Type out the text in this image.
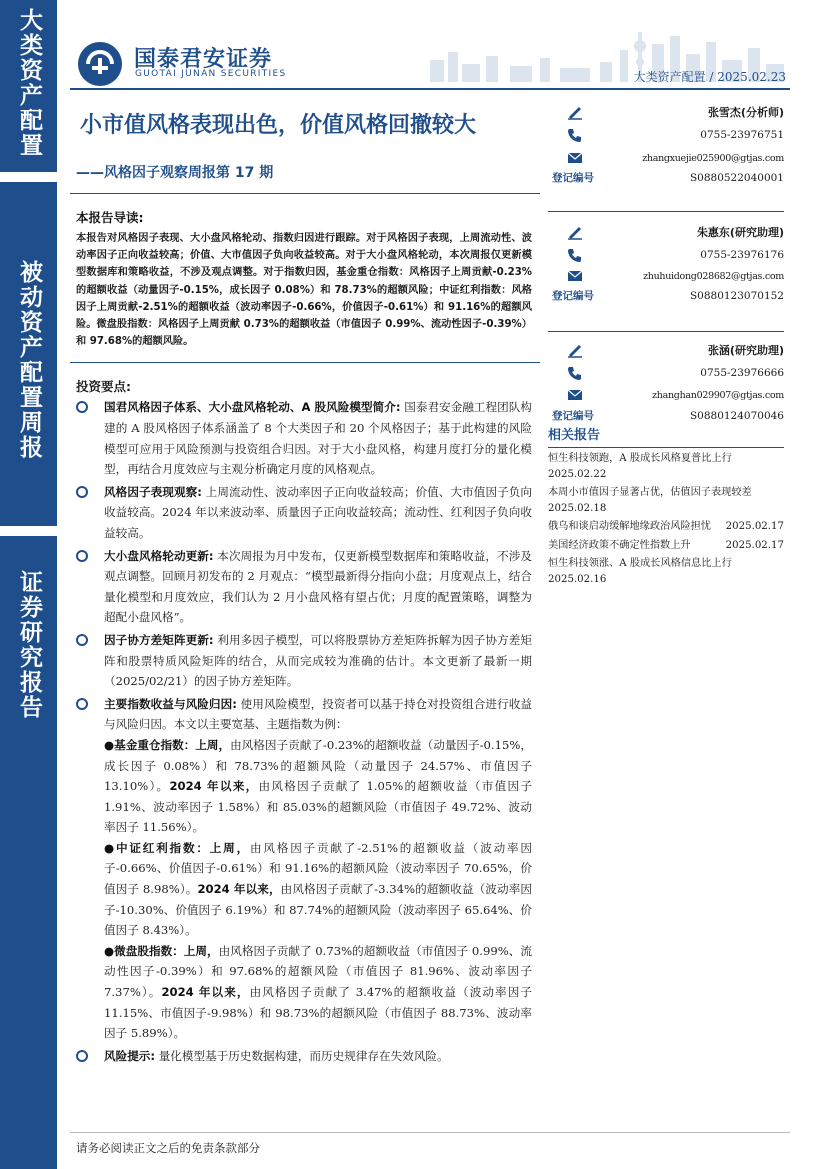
大类资产配置
被动资产配置周报
证券研究报告
国泰君安证券
GUOTAI JUNAN SECURITIES	大类资产配置 / 2025.02.23
小市值风格表现出色，价值风格回撤较大
——风格因子观察周报第 17 期
本报告导读:
本报告对风格因子表现、大小盘风格轮动、指数归因进行跟踪。对于风格因子表现，上周流动性、波动率因子正向收益较高；价值、大市值因子负向收益较高。对于大小盘风格轮动，本次周报仅更新模型数据库和策略收益，不涉及观点调整。对于指数归因，基金重仓指数：风格因子上周贡献-0.23%的超额收益（动量因子-0.15%，成长因子 0.08%）和 78.73%的超额风险；中证红利指数：风格因子上周贡献-2.51%的超额收益（波动率因子-0.66%，价值因子-0.61%）和 91.16%的超额风险。微盘股指数：风格因子上周贡献 0.73%的超额收益（市值因子 0.99%、流动性因子-0.39%）和 97.68%的超额风险。
投资要点:
国君风格因子体系、大小盘风格轮动、A 股风险模型简介: 国泰君安金融工程团队构建的 A 股风格因子体系涵盖了 8 个大类因子和 20 个风格因子；基于此构建的风险模型可应用于风险预测与投资组合归因。对于大小盘风格，构建月度打分的量化模型，再结合月度效应与主观分析确定月度的风格观点。
风格因子表现观察: 上周流动性、波动率因子正向收益较高；价值、大市值因子负向收益较高。2024 年以来波动率、质量因子正向收益较高；流动性、红利因子负向收益较高。
大小盘风格轮动更新: 本次周报为月中发布，仅更新模型数据库和策略收益，不涉及观点调整。回顾月初发布的 2 月观点：“模型最新得分指向小盘；月度观点上，结合量化模型和月度效应，我们认为 2 月小盘风格有望占优；月度的配置策略，调整为超配小盘风格”。
因子协方差矩阵更新: 利用多因子模型，可以将股票协方差矩阵拆解为因子协方差矩阵和股票特质风险矩阵的结合，从而完成较为准确的估计。本文更新了最新一期（2025/02/21）的因子协方差矩阵。
主要指数收益与风险归因: 使用风险模型，投资者可以基于持仓对投资组合进行收益与风险归因。本文以主要宽基、主题指数为例：
●基金重仓指数：上周，由风格因子贡献了-0.23%的超额收益（动量因子-0.15%，成长因子 0.08%）和 78.73%的超额风险（动量因子 24.57%、市值因子 13.10%）。2024 年以来，由风格因子贡献了 1.05%的超额收益（市值因子 1.91%、波动率因子 1.58%）和 85.03%的超额风险（市值因子 49.72%、波动率因子 11.56%）。
●中证红利指数：上周，由风格因子贡献了-2.51%的超额收益（波动率因子-0.66%、价值因子-0.61%）和 91.16%的超额风险（波动率因子 70.65%，价值因子 8.98%）。2024 年以来，由风格因子贡献了-3.34%的超额收益（波动率因子-10.30%、价值因子 6.19%）和 87.74%的超额风险（波动率因子 65.64%、价值因子 8.43%）。
●微盘股指数：上周，由风格因子贡献了 0.73%的超额收益（市值因子 0.99%、流动性因子-0.39%）和 97.68%的超额风险（市值因子 81.96%、波动率因子 7.37%）。2024 年以来，由风格因子贡献了 3.47%的超额收益（波动率因子 11.15%、市值因子-9.98%）和 98.73%的超额风险（市值因子 88.73%、波动率因子 5.89%）。
风险提示: 量化模型基于历史数据构建，而历史规律存在失效风险。
张雪杰(分析师)
0755-23976751
zhangxuejie025900@gtjas.com
登记编号	S0880522040001
朱惠东(研究助理)
0755-23976176
zhuhuidong028682@gtjas.com
登记编号	S0880123070152
张涵(研究助理)
0755-23976666
zhanghan029907@gtjas.com
登记编号	S0880124070046
相关报告
恒生科技领跑，A 股成长风格夏普比上行
2025.02.22
本周小市值因子显著占优，估值因子表现较差
2025.02.18
俄乌和谈启动缓解地缘政治风险担忧 2025.02.17
美国经济政策不确定性指数上升	2025.02.17
恒生科技领涨、A 股成长风格信息比上行
2025.02.16
请务必阅读正文之后的免责条款部分
